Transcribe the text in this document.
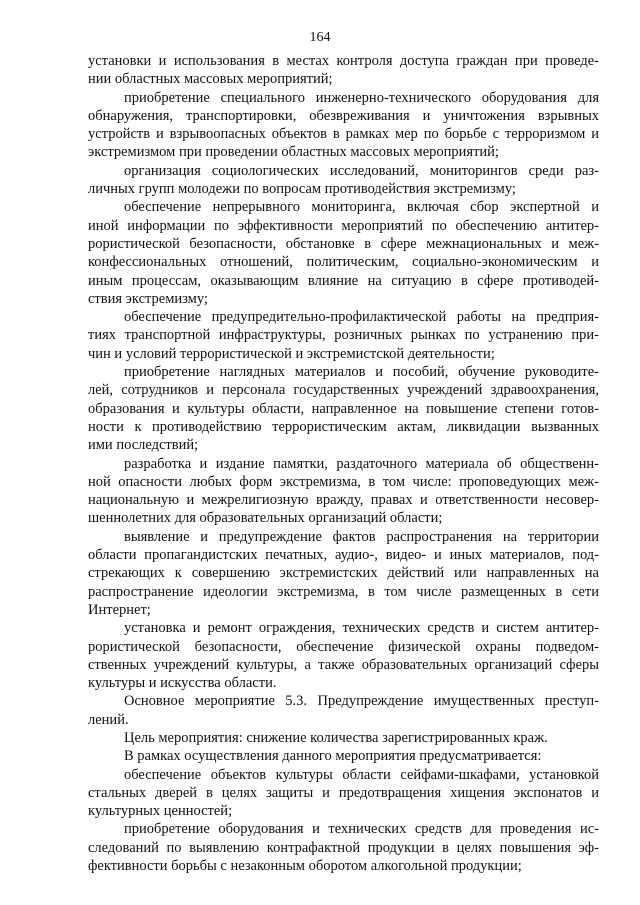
164
установки и использования в местах контроля доступа граждан при проведе-
нии областных массовых мероприятий;
приобретение специального инженерно-технического оборудования для
обнаружения, транспортировки, обезвреживания и уничтожения взрывных
устройств и взрывоопасных объектов в рамках мер по борьбе с терроризмом и
экстремизмом при проведении областных массовых мероприятий;
организация социологических исследований, мониторингов среди раз-
личных групп молодежи по вопросам противодействия экстремизму;
обеспечение непрерывного мониторинга, включая сбор экспертной и
иной информации по эффективности мероприятий по обеспечению антитер-
рористической безопасности, обстановке в сфере межнациональных и меж-
конфессиональных отношений, политическим, социально-экономическим и
иным процессам, оказывающим влияние на ситуацию в сфере противодей-
ствия экстремизму;
обеспечение предупредительно-профилактической работы на предприя-
тиях транспортной инфраструктуры, розничных рынках по устранению при-
чин и условий террористической и экстремистской деятельности;
приобретение наглядных материалов и пособий, обучение руководите-
лей, сотрудников и персонала государственных учреждений здравоохранения,
образования и культуры области, направленное на повышение степени готов-
ности к противодействию террористическим актам, ликвидации вызванных
ими последствий;
разработка и издание памятки, раздаточного материала об общественн-
ной опасности любых форм экстремизма, в том числе: проповедующих меж-
национальную и межрелигиозную вражду, правах и ответственности несовер-
шеннолетних для образовательных организаций области;
выявление и предупреждение фактов распространения на территории
области пропагандистских печатных, аудио-, видео- и иных материалов, под-
стрекающих к совершению экстремистских действий или направленных на
распространение идеологии экстремизма, в том числе размещенных в сети
Интернет;
установка и ремонт ограждения, технических средств и систем антитер-
рористической безопасности, обеспечение физической охраны подведом-
ственных учреждений культуры, а также образовательных организаций сферы
культуры и искусства области.
Основное мероприятие 5.3. Предупреждение имущественных преступ-
лений.
Цель мероприятия: снижение количества зарегистрированных краж.
В рамках осуществления данного мероприятия предусматривается:
обеспечение объектов культуры области сейфами-шкафами, установкой
стальных дверей в целях защиты и предотвращения хищения экспонатов и
культурных ценностей;
приобретение оборудования и технических средств для проведения ис-
следований по выявлению контрафактной продукции в целях повышения эф-
фективности борьбы с незаконным оборотом алкогольной продукции;
